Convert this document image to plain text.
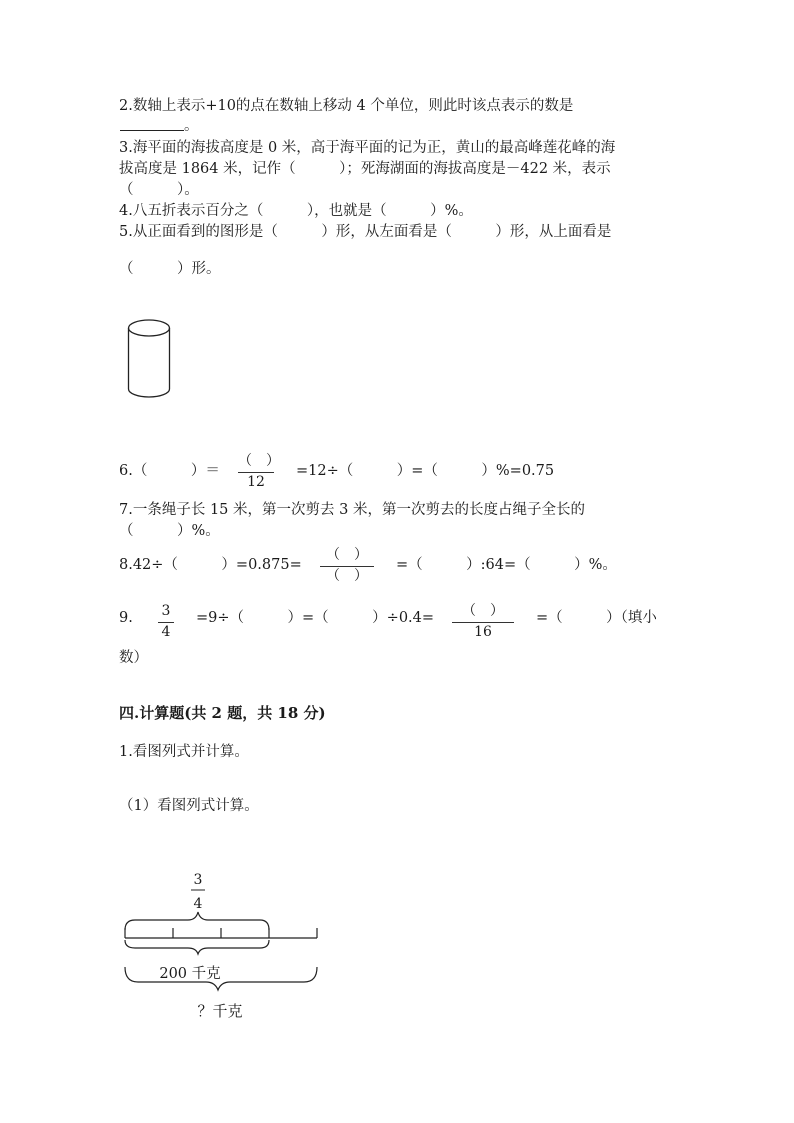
2.数轴上表示+10的点在数轴上移动 4 个单位，则此时该点表示的数是
。
3.海平面的海拔高度是 0 米，高于海平面的记为正，黄山的最高峰莲花峰的海
拔高度是 1864 米，记作（　　　）；死海湖面的海拔高度是－422 米，表示
（　　　）。
4.八五折表示百分之（　　　），也就是（　　　）%。
5.从正面看到的图形是（　　　）形，从左面看是（　　　）形，从上面看是
（　　　）形。
6.（　　　）＝
（　）
12
=12÷（　　　）=（　　　）%=0.75
7.一条绳子长 15 米，第一次剪去 3 米，第一次剪去的长度占绳子全长的
（　　　）%。
8.42÷（　　　）=0.875=
（　）
（　）
=（　　　）:64=（　　　）%。
9. 3
4
=9÷（　　　）=（　　　）÷0.4=	（　）
16
=（　　　）（填小
数）
四.计算题(共 2 题，共 18 分)
1.看图列式并计算。
（1）看图列式计算。
3
4
200 千克
？千克
